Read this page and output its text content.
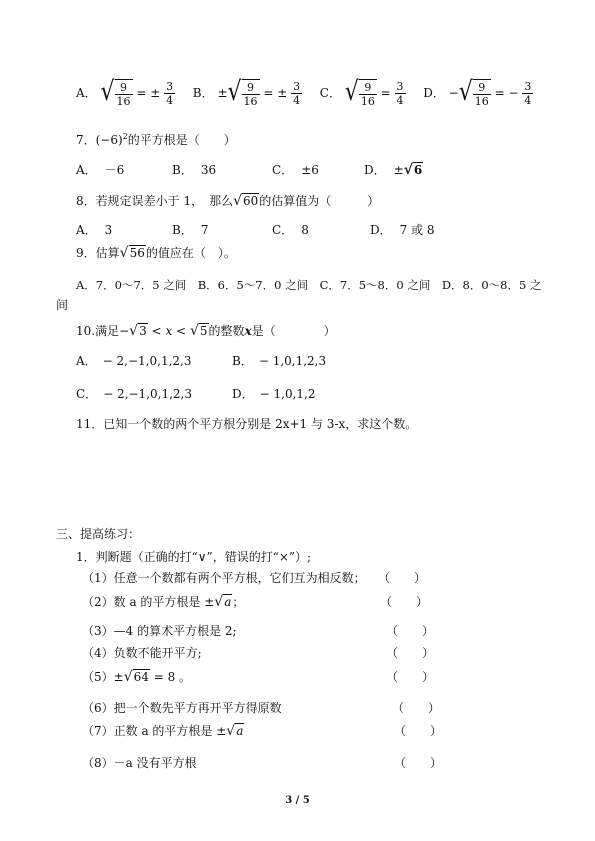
A． √ $\frac{9}{16}$ = ± $\frac{3}{4}$ B． ±√ $\frac{9}{16}$ = ± $\frac{3}{4}$ C． √ $\frac{9}{16} = \frac{3}{4}$ D． −√ $\frac{9}{16}$ = − $\frac{3}{4}$
7．$(-6)^2$的平方根是（　　）
A． －6	B． 36	C． ±6	D． ±√6
8．若规定误差小于 1，　那么√60的估算值为（　　　）
A． 3	B． 7	C． 8	D． 7 或 8
9．估算√56的值应在（　）。
A．7．0～7．5 之间　B．6．5～7．0 之间　C．7．5～8．0 之间　D．8．0～8．5 之
间
10.满足−√3 < x < √5的整数x是（　　　　）
A． − 2,−1,0,1,2,3	B． − 1,0,1,2,3
C． − 2,−1,0,1,2,3	D． − 1,0,1,2
11．已知一个数的两个平方根分别是 2x+1 与 3-x，求这个数。
三、提高练习：
1．判断题（正确的打“∨”，错误的打“×”）;
（1）任意一个数都有两个平方根，它们互为相反数； （　　）
（2）数 a 的平方根是 ±√a；	（　　）
（3）—4 的算术平方根是 2;	（　　）
（4）负数不能开平方;	（　　）
（5）±√64 = 8 。	（　　）
（6）把一个数先平方再开平方得原数	（　　）
（7）正数 a 的平方根是 ±√a	（　　）
（8）－a 没有平方根	（　　）
3 / 5
